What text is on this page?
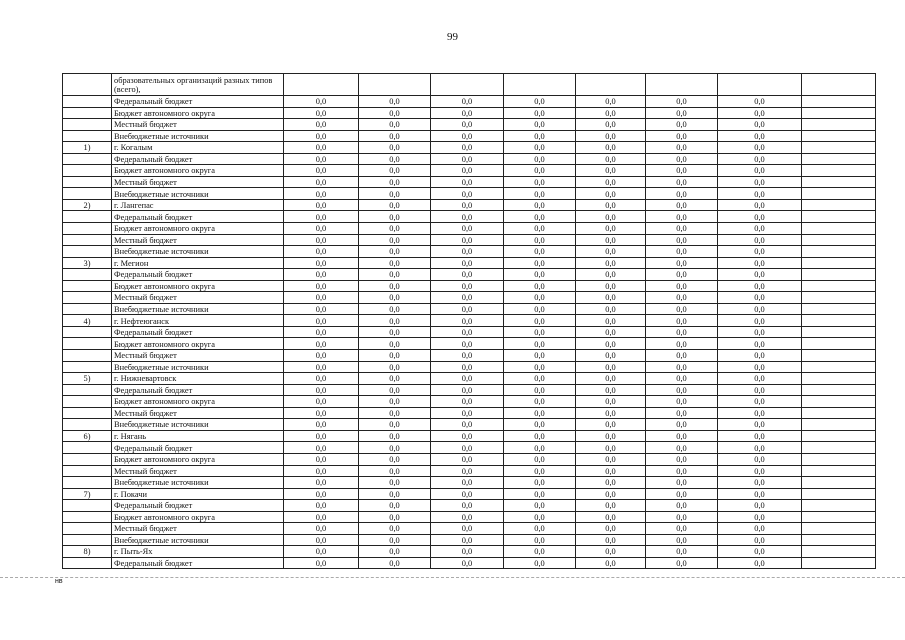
99
	образовательных организаций разных типов (всего),								
	Федеральный бюджет	0,0	0,0	0,0	0,0	0,0	0,0	0,0	
	Бюджет автономного округа	0,0	0,0	0,0	0,0	0,0	0,0	0,0	
	Местный бюджет	0,0	0,0	0,0	0,0	0,0	0,0	0,0	
	Внебюджетные источники	0,0	0,0	0,0	0,0	0,0	0,0	0,0	
1)	г. Когалым	0,0	0,0	0,0	0,0	0,0	0,0	0,0	
	Федеральный бюджет	0,0	0,0	0,0	0,0	0,0	0,0	0,0	
	Бюджет автономного округа	0,0	0,0	0,0	0,0	0,0	0,0	0,0	
	Местный бюджет	0,0	0,0	0,0	0,0	0,0	0,0	0,0	
	Внебюджетные источники	0,0	0,0	0,0	0,0	0,0	0,0	0,0	
2)	г. Лангепас	0,0	0,0	0,0	0,0	0,0	0,0	0,0	
	Федеральный бюджет	0,0	0,0	0,0	0,0	0,0	0,0	0,0	
	Бюджет автономного округа	0,0	0,0	0,0	0,0	0,0	0,0	0,0	
	Местный бюджет	0,0	0,0	0,0	0,0	0,0	0,0	0,0	
	Внебюджетные источники	0,0	0,0	0,0	0,0	0,0	0,0	0,0	
3)	г. Мегион	0,0	0,0	0,0	0,0	0,0	0,0	0,0	
	Федеральный бюджет	0,0	0,0	0,0	0,0	0,0	0,0	0,0	
	Бюджет автономного округа	0,0	0,0	0,0	0,0	0,0	0,0	0,0	
	Местный бюджет	0,0	0,0	0,0	0,0	0,0	0,0	0,0	
	Внебюджетные источники	0,0	0,0	0,0	0,0	0,0	0,0	0,0	
4)	г. Нефтеюганск	0,0	0,0	0,0	0,0	0,0	0,0	0,0	
	Федеральный бюджет	0,0	0,0	0,0	0,0	0,0	0,0	0,0	
	Бюджет автономного округа	0,0	0,0	0,0	0,0	0,0	0,0	0,0	
	Местный бюджет	0,0	0,0	0,0	0,0	0,0	0,0	0,0	
	Внебюджетные источники	0,0	0,0	0,0	0,0	0,0	0,0	0,0	
5)	г. Нижневартовск	0,0	0,0	0,0	0,0	0,0	0,0	0,0	
	Федеральный бюджет	0,0	0,0	0,0	0,0	0,0	0,0	0,0	
	Бюджет автономного округа	0,0	0,0	0,0	0,0	0,0	0,0	0,0	
	Местный бюджет	0,0	0,0	0,0	0,0	0,0	0,0	0,0	
	Внебюджетные источники	0,0	0,0	0,0	0,0	0,0	0,0	0,0	
6)	г. Нягань	0,0	0,0	0,0	0,0	0,0	0,0	0,0	
	Федеральный бюджет	0,0	0,0	0,0	0,0	0,0	0,0	0,0	
	Бюджет автономного округа	0,0	0,0	0,0	0,0	0,0	0,0	0,0	
	Местный бюджет	0,0	0,0	0,0	0,0	0,0	0,0	0,0	
	Внебюджетные источники	0,0	0,0	0,0	0,0	0,0	0,0	0,0	
7)	г. Покачи	0,0	0,0	0,0	0,0	0,0	0,0	0,0	
	Федеральный бюджет	0,0	0,0	0,0	0,0	0,0	0,0	0,0	
	Бюджет автономного округа	0,0	0,0	0,0	0,0	0,0	0,0	0,0	
	Местный бюджет	0,0	0,0	0,0	0,0	0,0	0,0	0,0	
	Внебюджетные источники	0,0	0,0	0,0	0,0	0,0	0,0	0,0	
8)	г. Пыть-Ях	0,0	0,0	0,0	0,0	0,0	0,0	0,0	
	Федеральный бюджет	0,0	0,0	0,0	0,0	0,0	0,0	0,0	
нв
